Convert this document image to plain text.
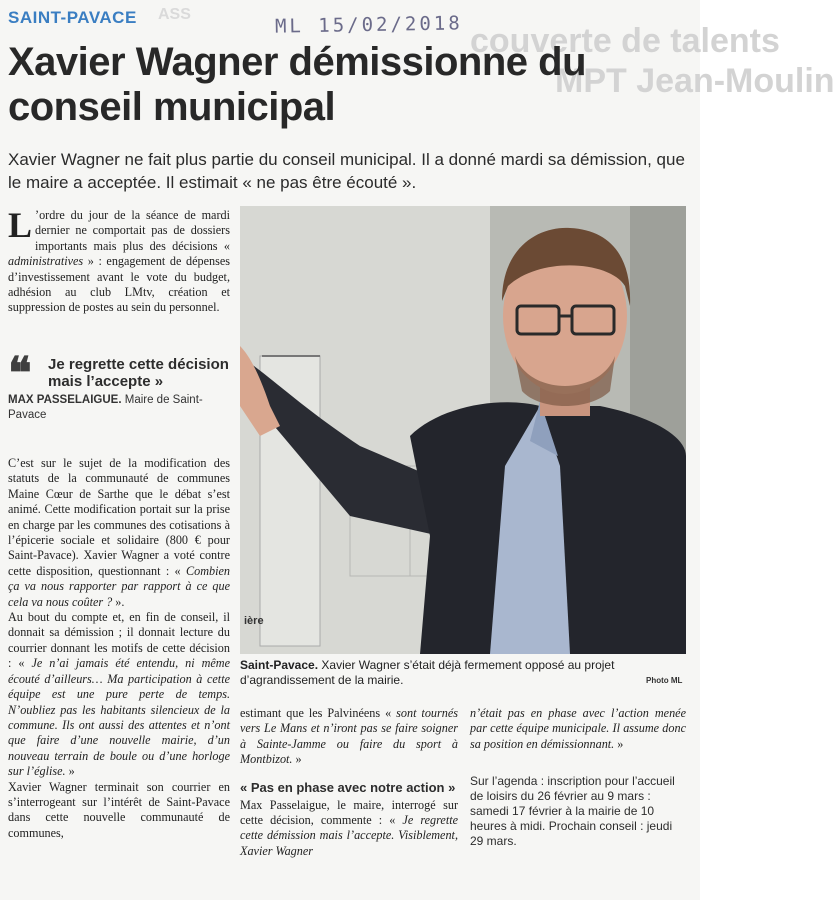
ASS
couverte de talents
MPT Jean-Moulin
ML 15/02/2018
SAINT-PAVACE
Xavier Wagner démissionne du conseil municipal

Xavier Wagner ne fait plus partie du conseil municipal. Il a donné mardi sa démission, que le maire a acceptée. Il estimait « ne pas être écouté ».

L ’ordre du jour de la séance de mardi dernier ne comportait pas de dossiers importants mais plus des décisions « administratives » : engagement de dépenses d’investissement avant le vote du budget, adhésion au club LMtv, création et suppression de postes au sein du personnel.

❝	Je regrette cette décision mais l’accepte »
MAX PASSELAIGUE. Maire de Saint-Pavace

C’est sur le sujet de la modification des statuts de la communauté de communes Maine Cœur de Sarthe que le débat s’est animé. Cette modification portait sur la prise en charge par les communes des cotisations à l’épicerie sociale et solidaire (800 € pour Saint-Pavace). Xavier Wagner a voté contre cette disposition, questionnant : « Combien ça va nous rapporter par rapport à ce que cela va nous coûter ? ».

Au bout du compte et, en fin de conseil, il donnait sa démission ; il donnait lecture du courrier donnant les motifs de cette décision : « Je n’ai jamais été entendu, ni même écouté d’ailleurs… Ma participation à cette équipe est une pure perte de temps. N’oubliez pas les habitants silencieux de la commune. Ils ont aussi des attentes et n’ont que faire d’une nouvelle mairie, d’un nouveau terrain de boule ou d’une horloge sur l’église. »

Xavier Wagner terminait son courrier en s’interrogeant sur l’intérêt de Saint-Pavace dans cette nouvelle communauté de communes,

ière
Saint-Pavace. Xavier Wagner s’était déjà fermement opposé au projet d’agrandissement de la mairie.	Photo ML

estimant que les Palvinéens « sont tournés vers Le Mans et n’iront pas se faire soigner à Sainte-Jamme ou faire du sport à Montbizot. »

« Pas en phase avec notre action »

Max Passelaigue, le maire, interrogé sur cette décision, commente : « Je regrette cette démission mais l’accepte. Visiblement, Xavier Wagner

n’était pas en phase avec l’action menée par cette équipe municipale. Il assume donc sa position en démissionnant. »

Sur l’agenda : inscription pour l’accueil de loisirs du 26 février au 9 mars : samedi 17 février à la mairie de 10 heures à midi. Prochain conseil : jeudi 29 mars.
